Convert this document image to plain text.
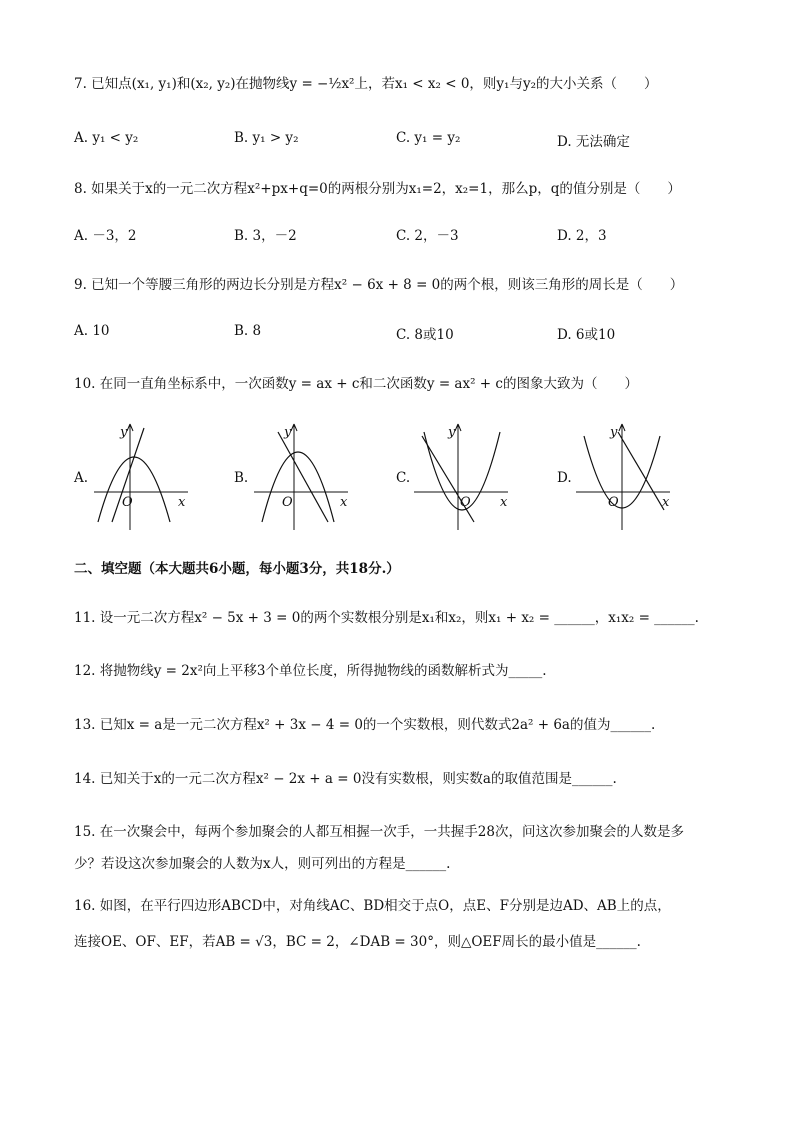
7. 已知点(x₁, y₁)和(x₂, y₂)在抛物线y = −½x²上，若x₁ < x₂ < 0，则y₁与y₂的大小关系（　　）
A. y₁ < y₂	B. y₁ > y₂	C. y₁ = y₂	D. 无法确定
8. 如果关于x的一元二次方程x²+px+q=0的两根分别为x₁=2，x₂=1，那么p，q的值分别是（　　）
A. －3，2	B. 3，－2	C. 2，－3	D. 2，3
9. 已知一个等腰三角形的两边长分别是方程x² − 6x + 8 = 0的两个根，则该三角形的周长是（　　）
A. 10	B. 8	C. 8或10	D. 6或10
10. 在同一直角坐标系中，一次函数y = ax + c和二次函数y = ax² + c的图象大致为（　　）
A.
y
x
O
B.
y
x
O
C.
y
x
O
D.
y
x
O
二、填空题（本大题共6小题，每小题3分，共18分.）
11. 设一元二次方程x² − 5x + 3 = 0的两个实数根分别是x₁和x₂，则x₁ + x₂ = ______，x₁x₂ = ______.
12. 将抛物线y = 2x²向上平移3个单位长度，所得抛物线的函数解析式为_____.
13. 已知x = a是一元二次方程x² + 3x − 4 = 0的一个实数根，则代数式2a² + 6a的值为______.
14. 已知关于x的一元二次方程x² − 2x + a = 0没有实数根，则实数a的取值范围是______.
15. 在一次聚会中，每两个参加聚会的人都互相握一次手，一共握手28次，问这次参加聚会的人数是多
少？若设这次参加聚会的人数为x人，则可列出的方程是______.
16. 如图，在平行四边形ABCD中，对角线AC、BD相交于点O，点E、F分别是边AD、AB上的点，
连接OE、OF、EF，若AB = √3，BC = 2，∠DAB = 30°，则△OEF周长的最小值是______.
